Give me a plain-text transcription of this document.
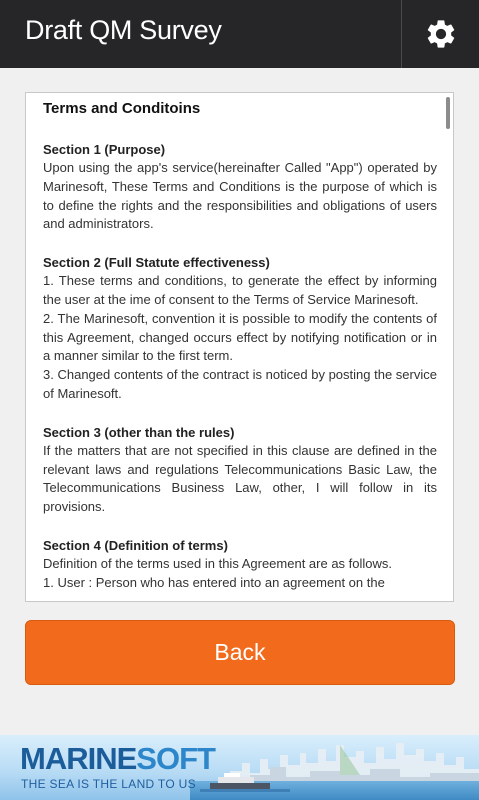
Draft QM Survey
Terms and Conditoins
Section 1 (Purpose)
Upon using the app's service(hereinafter Called "App") operated by Marinesoft, These Terms and Conditions is the purpose of which is to define the rights and the responsibilities and obligations of users and administrators.
Section 2 (Full Statute effectiveness)
1. These terms and conditions, to generate the effect by informing the user at the ime of consent to the Terms of Service Marinesoft.
2. The Marinesoft, convention it is possible to modify the contents of this Agreement, changed occurs effect by notifying notification or in a manner similar to the first term.
3. Changed contents of the contract is noticed by posting the service of Marinesoft.
Section 3 (other than the rules)
If the matters that are not specified in this clause are defined in the relevant laws and regulations Telecommunications Basic Law, the Telecommunications Business Law, other, I will follow in its provisions.
Section 4 (Definition of terms)
Definition of the terms used in this Agreement are as follows.
1. User : Person who has entered into an agreement on the
Back
MARINESOFT
THE SEA IS THE LAND TO US
